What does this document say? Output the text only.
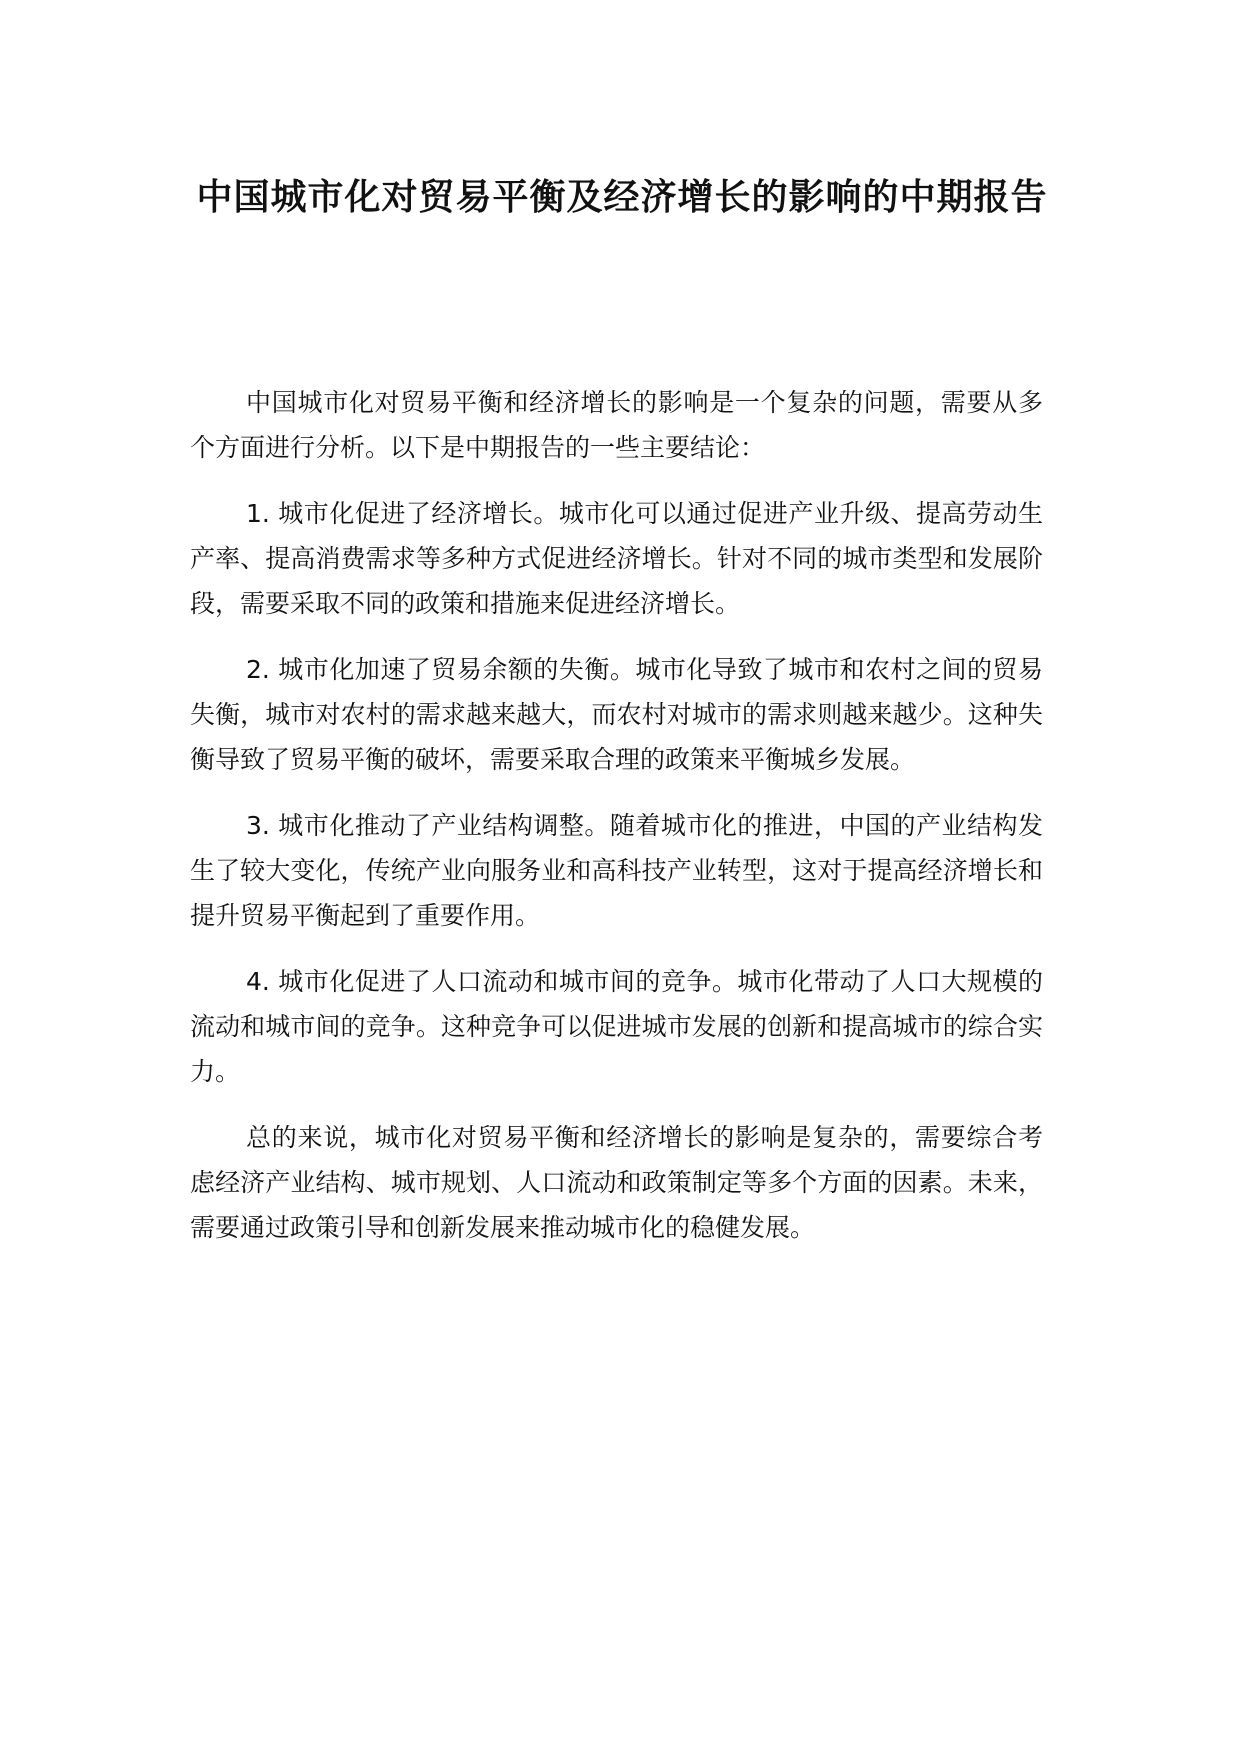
中国城市化对贸易平衡及经济增长的影响的中期报告

中国城市化对贸易平衡和经济增长的影响是一个复杂的问题，需要从多个方面进行分析。以下是中期报告的一些主要结论：

1. 城市化促进了经济增长。城市化可以通过促进产业升级、提高劳动生产率、提高消费需求等多种方式促进经济增长。针对不同的城市类型和发展阶段，需要采取不同的政策和措施来促进经济增长。

2. 城市化加速了贸易余额的失衡。城市化导致了城市和农村之间的贸易失衡，城市对农村的需求越来越大，而农村对城市的需求则越来越少。这种失衡导致了贸易平衡的破坏，需要采取合理的政策来平衡城乡发展。

3. 城市化推动了产业结构调整。随着城市化的推进，中国的产业结构发生了较大变化，传统产业向服务业和高科技产业转型，这对于提高经济增长和提升贸易平衡起到了重要作用。

4. 城市化促进了人口流动和城市间的竞争。城市化带动了人口大规模的流动和城市间的竞争。这种竞争可以促进城市发展的创新和提高城市的综合实力。

总的来说，城市化对贸易平衡和经济增长的影响是复杂的，需要综合考虑经济产业结构、城市规划、人口流动和政策制定等多个方面的因素。未来，需要通过政策引导和创新发展来推动城市化的稳健发展。
